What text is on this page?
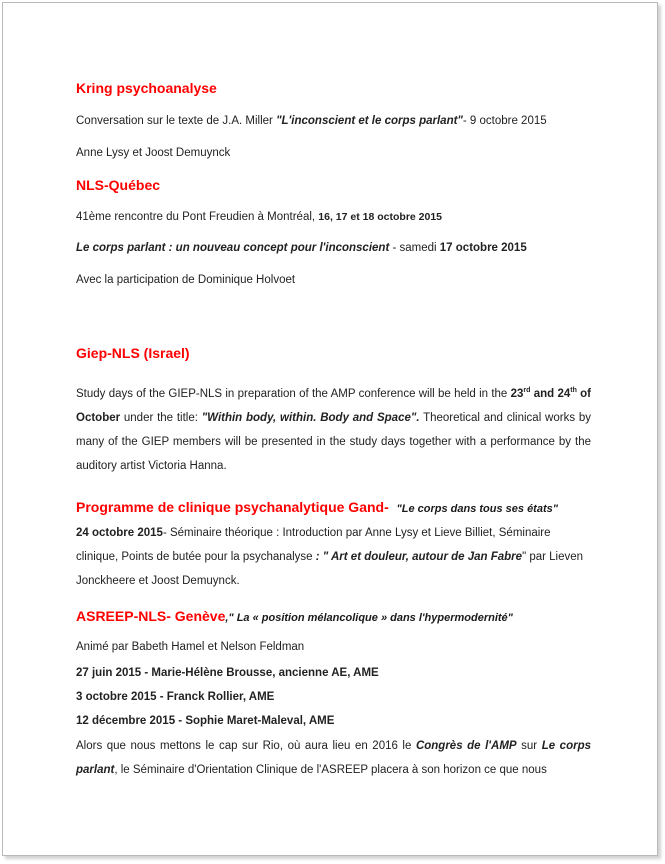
Kring psychoanalyse
Conversation sur le texte de J.A. Miller "L'inconscient et le corps parlant"- 9 octobre 2015
Anne Lysy et Joost Demuynck
NLS-Québec
41ème rencontre du Pont Freudien à Montréal, 16, 17 et 18 octobre 2015
Le corps parlant : un nouveau concept pour l'inconscient - samedi 17 octobre 2015
Avec la participation de Dominique Holvoet
Giep-NLS (Israel)
Study days of the GIEP-NLS in preparation of the AMP conference will be held in the 23rd and 24th of October under the title: "Within body, within. Body and Space". Theoretical and clinical works by many of the GIEP members will be presented in the study days together with a performance by the auditory artist Victoria Hanna.
Programme de clinique psychanalytique Gand- "Le corps dans tous ses états"
24 octobre 2015- Séminaire théorique : Introduction par Anne Lysy et Lieve Billiet, Séminaire clinique, Points de butée pour la psychanalyse : " Art et douleur, autour de Jan Fabre" par Lieven Jonckheere et Joost Demuynck.
ASREEP-NLS- Genève," La « position mélancolique » dans l'hypermodernité"
Animé par Babeth Hamel et Nelson Feldman
27 juin 2015 - Marie-Hélène Brousse, ancienne AE, AME
3 octobre 2015 - Franck Rollier, AME
12 décembre 2015 - Sophie Maret-Maleval, AME
Alors que nous mettons le cap sur Rio, où aura lieu en 2016 le Congrès de l'AMP sur Le corps parlant, le Séminaire d'Orientation Clinique de l'ASREEP placera à son horizon ce que nous
